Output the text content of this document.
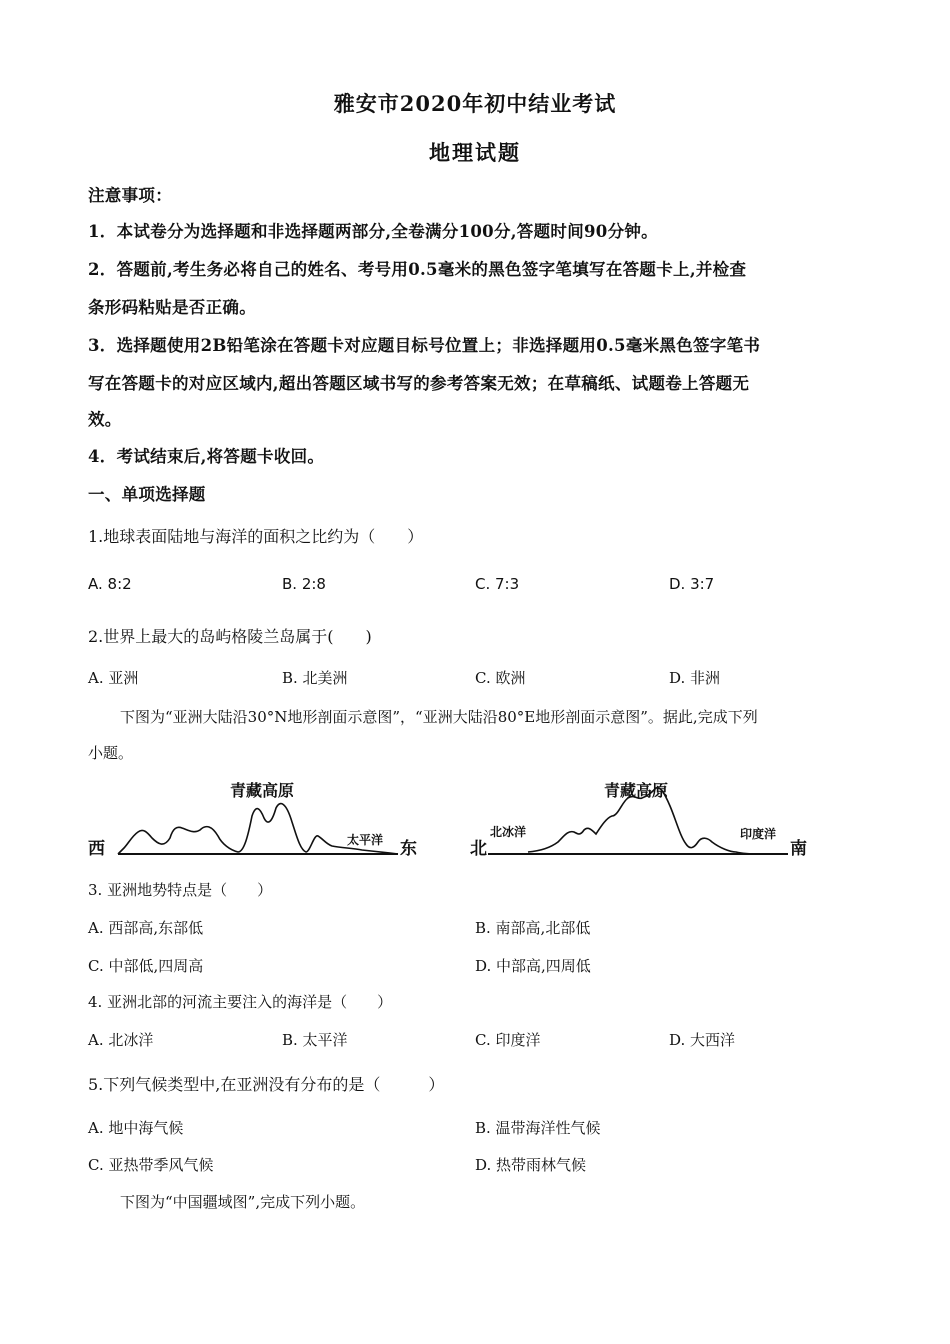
雅安市2020年初中结业考试
地理试题
注意事项：
1．本试卷分为选择题和非选择题两部分,全卷满分100分,答题时间90分钟。
2．答题前,考生务必将自己的姓名、考号用0.5毫米的黑色签字笔填写在答题卡上,并检查
条形码粘贴是否正确。
3．选择题使用2B铅笔涂在答题卡对应题目标号位置上；非选择题用0.5毫米黑色签字笔书
写在答题卡的对应区域内,超出答题区域书写的参考答案无效；在草稿纸、试题卷上答题无
效。
4．考试结束后,将答题卡收回。
一、单项选择题
1.地球表面陆地与海洋的面积之比约为（　　）
A. 8:2	B. 2:8	C. 7:3	D. 3:7
2.世界上最大的岛屿格陵兰岛属于(　　)
A. 亚洲	B. 北美洲	C. 欧洲	D. 非洲
下图为“亚洲大陆沿30°N地形剖面示意图”，“亚洲大陆沿80°E地形剖面示意图”。据此,完成下列
小题。
西	东
青藏高原
太平洋	北	南
青藏高原
北冰洋	印度洋
3. 亚洲地势特点是（　　）
A. 西部高,东部低	B. 南部高,北部低
C. 中部低,四周高	D. 中部高,四周低
4. 亚洲北部的河流主要注入的海洋是（　　）
A. 北冰洋	B. 太平洋	C. 印度洋	D. 大西洋
5.下列气候类型中,在亚洲没有分布的是（　　　）
A. 地中海气候	B. 温带海洋性气候
C. 亚热带季风气候	D. 热带雨林气候
下图为“中国疆域图”,完成下列小题。
